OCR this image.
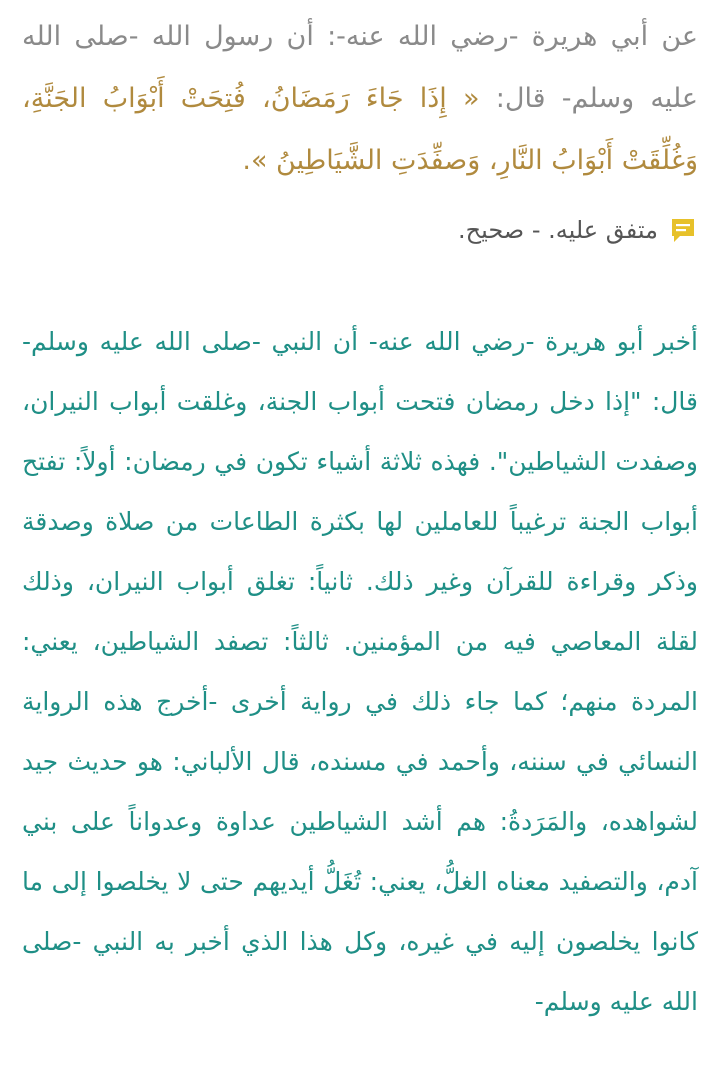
عن أبي هريرة -رضي الله عنه-: أن رسول الله -صلى الله عليه وسلم- قال: « إِذَا جَاءَ رَمَضَانُ، فُتِحَتْ أَبْوَابُ الجَنَّةِ، وَغُلِّقَتْ أَبْوَابُ النَّارِ، وَصفِّدَتِ الشَّيَاطِينُ ».

متفق عليه. - صحيح.

أخبر أبو هريرة -رضي الله عنه- أن النبي -صلى الله عليه وسلم- قال: "إذا دخل رمضان فتحت أبواب الجنة، وغلقت أبواب النيران، وصفدت الشياطين". فهذه ثلاثة أشياء تكون في رمضان: أولاً: تفتح أبواب الجنة ترغيباً للعاملين لها بكثرة الطاعات من صلاة وصدقة وذكر وقراءة للقرآن وغير ذلك. ثانياً: تغلق أبواب النيران، وذلك لقلة المعاصي فيه من المؤمنين. ثالثاً: تصفد الشياطين، يعني: المردة منهم؛ كما جاء ذلك في رواية أخرى -أخرج هذه الرواية النسائي في سننه، وأحمد في مسنده، قال الألباني: هو حديث جيد لشواهده، والمَرَدةُ: هم أشد الشياطين عداوة وعدواناً على بني آدم، والتصفيد معناه الغلُّ، يعني: تُغَلُّ أيديهم حتى لا يخلصوا إلى ما كانوا يخلصون إليه في غيره، وكل هذا الذي أخبر به النبي -صلى الله عليه وسلم-
